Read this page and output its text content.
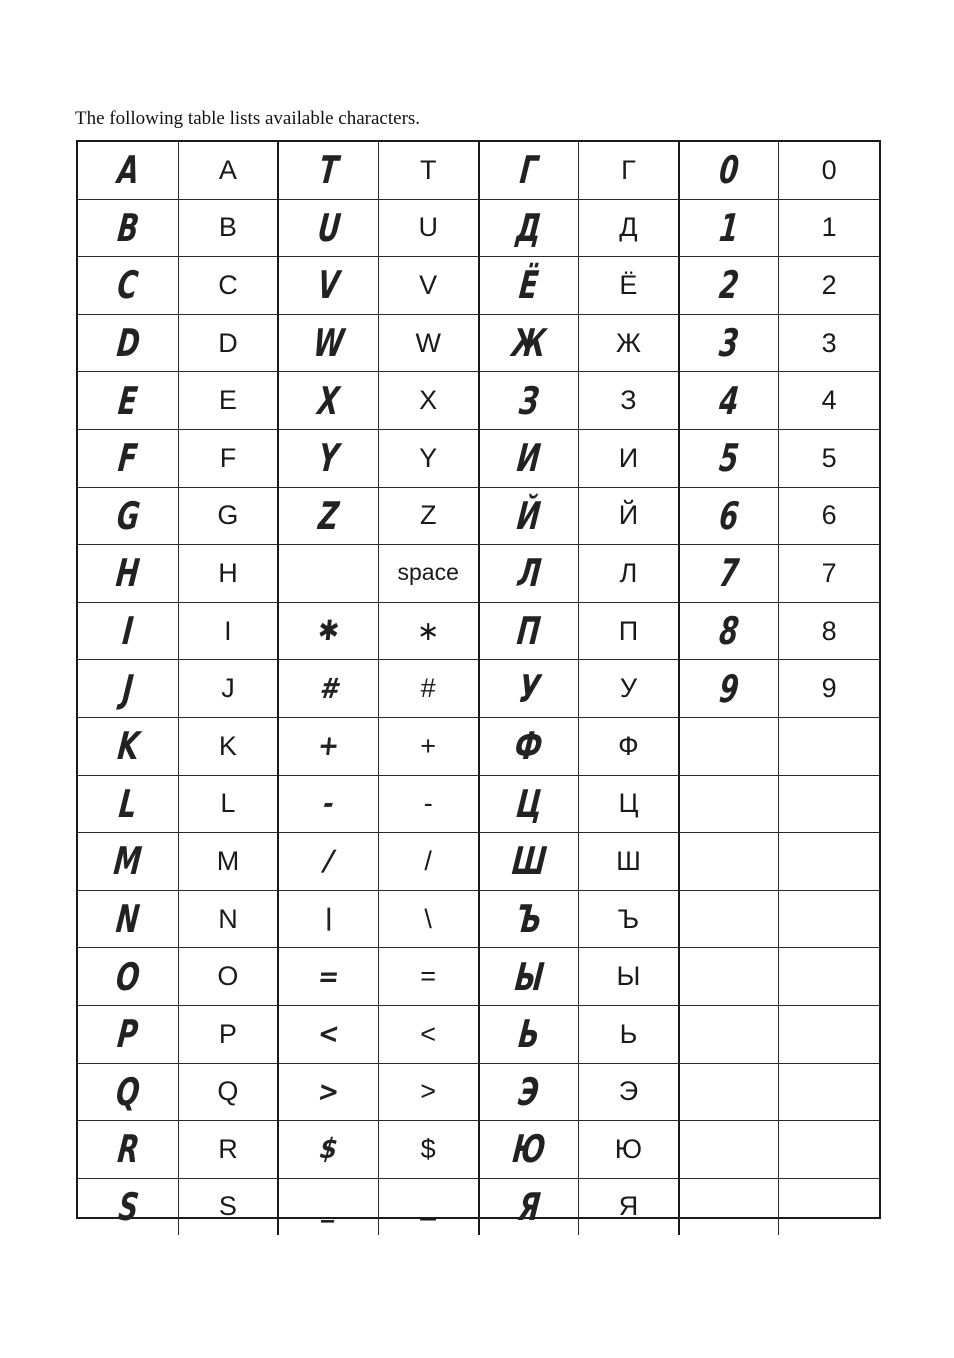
The following table lists available characters.
A	A	T	T	Г	Г	0	0
B	B	U	U	Д	Д	1	1
C	C	V	V	Ë	Ё	2	2
D	D	W	W	Ж	Ж	3	3
E	E	X	X	З	З	4	4
F	F	Y	Y	И	И	5	5
G	G	Z	Z	Й	Й	6	6
H	H		space	Л	Л	7	7
I	I	✱	∗	П	П	8	8
J	J	#	#	У	У	9	9
K	K	+	+	Ф	Ф		
L	L	-	-	Ц	Ц		
M	M	/	/	Ш	Ш		
N	N	\	\	Ъ	Ъ		
O	O	=	=	Ы	Ы		
P	P	<	<	Ь	Ь		
Q	Q	>	>	Э	Э		
R	R	$	$	Ю	Ю		
S	S	_	_	Я	Я		
